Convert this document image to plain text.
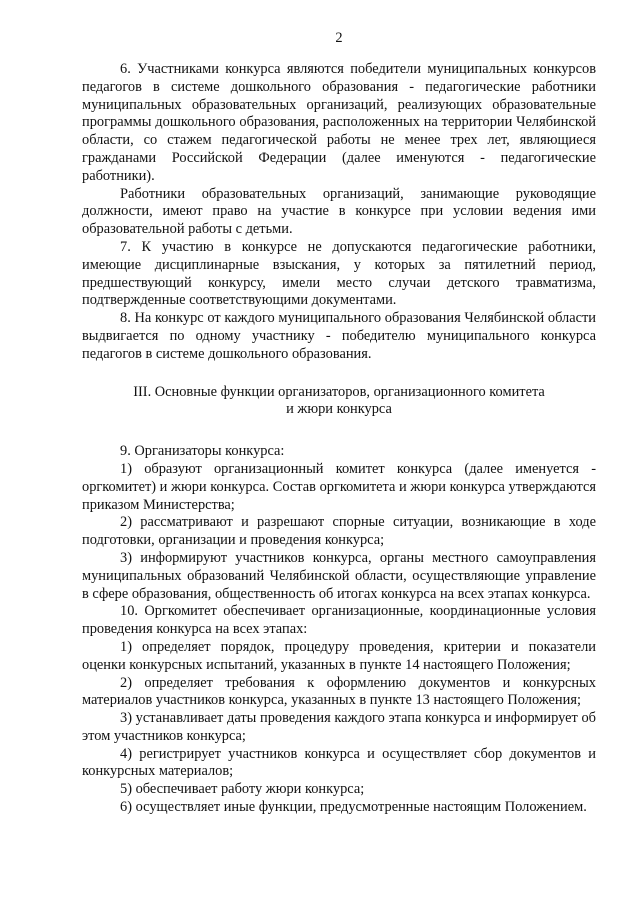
2

6. Участниками конкурса являются победители муниципальных конкурсов педагогов в системе дошкольного образования - педагогические работники муниципальных образовательных организаций, реализующих образовательные программы дошкольного образования, расположенных на территории Челябинской области, со стажем педагогической работы не менее трех лет, являющиеся гражданами Российской Федерации (далее именуются - педагогические работники).

Работники образовательных организаций, занимающие руководящие должности, имеют право на участие в конкурсе при условии ведения ими образовательной работы с детьми.

7. К участию в конкурсе не допускаются педагогические работники, имеющие дисциплинарные взыскания, у которых за пятилетний период, предшествующий конкурсу, имели место случаи детского травматизма, подтвержденные соответствующими документами.

8. На конкурс от каждого муниципального образования Челябинской области выдвигается по одному участнику - победителю муниципального конкурса педагогов в системе дошкольного образования.

III. Основные функции организаторов, организационного комитета
и жюри конкурса

9. Организаторы конкурса:

1) образуют организационный комитет конкурса (далее именуется - оргкомитет) и жюри конкурса. Состав оргкомитета и жюри конкурса утверждаются приказом Министерства;

2) рассматривают и разрешают спорные ситуации, возникающие в ходе подготовки, организации и проведения конкурса;

3) информируют участников конкурса, органы местного самоуправления муниципальных образований Челябинской области, осуществляющие управление в сфере образования, общественность об итогах конкурса на всех этапах конкурса.

10. Оргкомитет обеспечивает организационные, координационные условия проведения конкурса на всех этапах:

1) определяет порядок, процедуру проведения, критерии и показатели оценки конкурсных испытаний, указанных в пункте 14 настоящего Положения;

2) определяет требования к оформлению документов и конкурсных материалов участников конкурса, указанных в пункте 13 настоящего Положения;

3) устанавливает даты проведения каждого этапа конкурса и информирует об этом участников конкурса;

4) регистрирует участников конкурса и осуществляет сбор документов и конкурсных материалов;

5) обеспечивает работу жюри конкурса;

6) осуществляет иные функции, предусмотренные настоящим Положением.
